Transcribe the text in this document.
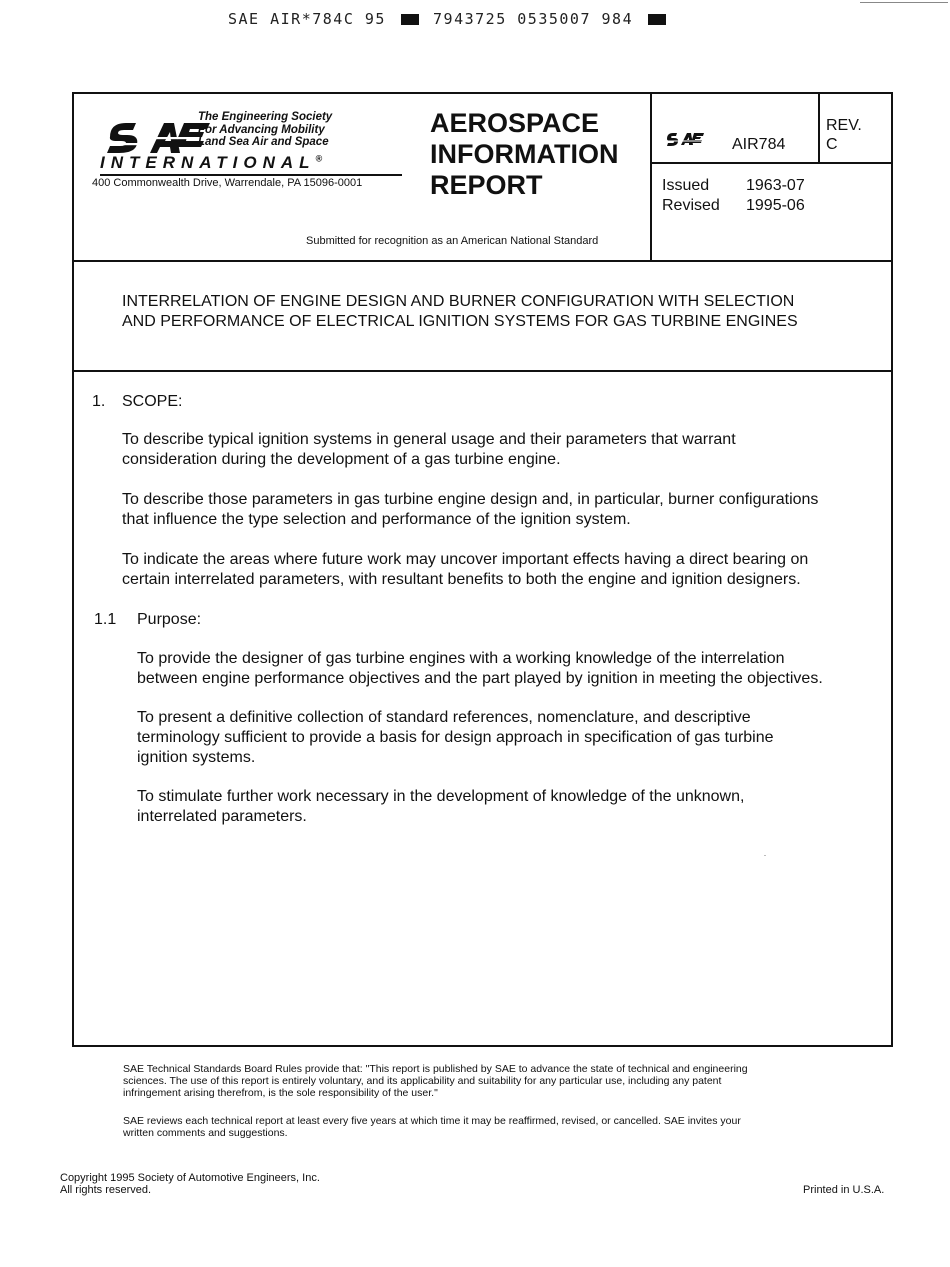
SAE AIR*784C 95	7943725 0535007 984
The Engineering Society
For Advancing Mobility
Land Sea Air and Space
INTERNATIONAL®
400 Commonwealth Drive, Warrendale, PA 15096-0001
AEROSPACE
INFORMATION
REPORT
Submitted for recognition as an American National Standard
AIR784
REV.
C
Issued	1963-07
Revised	1995-06
INTERRELATION OF ENGINE DESIGN AND BURNER CONFIGURATION WITH SELECTION
AND PERFORMANCE OF ELECTRICAL IGNITION SYSTEMS FOR GAS TURBINE ENGINES
1. SCOPE:
To describe typical ignition systems in general usage and their parameters that warrant
consideration during the development of a gas turbine engine.
To describe those parameters in gas turbine engine design and, in particular, burner configurations
that influence the type selection and performance of the ignition system.
To indicate the areas where future work may uncover important effects having a direct bearing on
certain interrelated parameters, with resultant benefits to both the engine and ignition designers.
1.1 Purpose:
To provide the designer of gas turbine engines with a working knowledge of the interrelation
between engine performance objectives and the part played by ignition in meeting the objectives.
To present a definitive collection of standard references, nomenclature, and descriptive
terminology sufficient to provide a basis for design approach in specification of gas turbine
ignition systems.
To stimulate further work necessary in the development of knowledge of the unknown,
interrelated parameters.
SAE Technical Standards Board Rules provide that: "This report is published by SAE to advance the state of technical and engineering
sciences. The use of this report is entirely voluntary, and its applicability and suitability for any particular use, including any patent
infringement arising therefrom, is the sole responsibility of the user."
SAE reviews each technical report at least every five years at which time it may be reaffirmed, revised, or cancelled. SAE invites your
written comments and suggestions.
Copyright 1995 Society of Automotive Engineers, Inc.
All rights reserved.	Printed in U.S.A.
